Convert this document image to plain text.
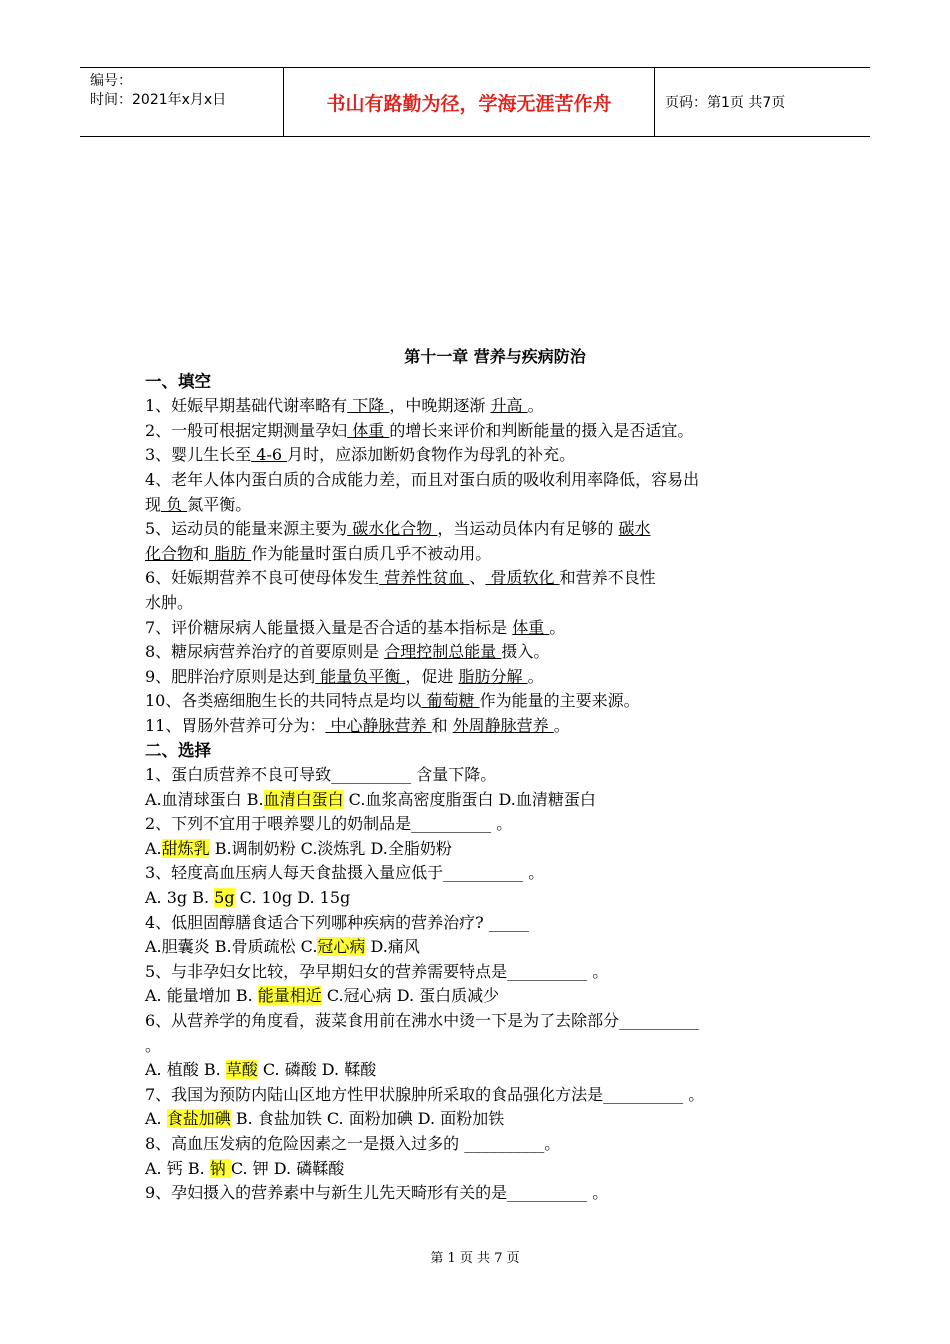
编号：
时间：2021年x月x日	书山有路勤为径，学海无涯苦作舟	页码：第1页 共7页
第十一章 营养与疾病防治
一、填空
1、妊娠早期基础代谢率略有 下降 ，中晚期逐渐 升高 。
2、一般可根据定期测量孕妇 体重 的增长来评价和判断能量的摄入是否适宜。
3、婴儿生长至 4-6 月时，应添加断奶食物作为母乳的补充。
4、老年人体内蛋白质的合成能力差，而且对蛋白质的吸收利用率降低，容易出
现 负 氮平衡。
5、运动员的能量来源主要为 碳水化合物 ，当运动员体内有足够的 碳水
化合物和 脂肪 作为能量时蛋白质几乎不被动用。
6、妊娠期营养不良可使母体发生 营养性贫血 、 骨质软化 和营养不良性
水肿。
7、评价糖尿病人能量摄入量是否合适的基本指标是 体重 。
8、糖尿病营养治疗的首要原则是 合理控制总能量 摄入。
9、肥胖治疗原则是达到 能量负平衡 ，促进 脂肪分解 。
10、各类癌细胞生长的共同特点是均以 葡萄糖 作为能量的主要来源。
11、胃肠外营养可分为： 中心静脉营养 和 外周静脉营养 。
二、选择
1、蛋白质营养不良可导致__________ 含量下降。
A.血清球蛋白 B.血清白蛋白 C.血浆高密度脂蛋白 D.血清糖蛋白
2、下列不宜用于喂养婴儿的奶制品是__________ 。
A.甜炼乳 B.调制奶粉 C.淡炼乳 D.全脂奶粉
3、轻度高血压病人每天食盐摄入量应低于__________ 。
A. 3g B. 5g C. 10g D. 15g
4、低胆固醇膳食适合下列哪种疾病的营养治疗? _____
A.胆囊炎 B.骨质疏松 C.冠心病 D.痛风
5、与非孕妇女比较，孕早期妇女的营养需要特点是__________ 。
A. 能量增加 B. 能量相近 C.冠心病 D. 蛋白质减少
6、从营养学的角度看，菠菜食用前在沸水中烫一下是为了去除部分__________
。
A. 植酸 B. 草酸 C. 磷酸 D. 鞣酸
7、我国为预防内陆山区地方性甲状腺肿所采取的食品强化方法是__________ 。
A. 食盐加碘 B. 食盐加铁 C. 面粉加碘 D. 面粉加铁
8、高血压发病的危险因素之一是摄入过多的 __________。
A. 钙 B. 钠 C. 钾 D. 磷鞣酸
9、孕妇摄入的营养素中与新生儿先天畸形有关的是__________ 。
第 1 页 共 7 页
